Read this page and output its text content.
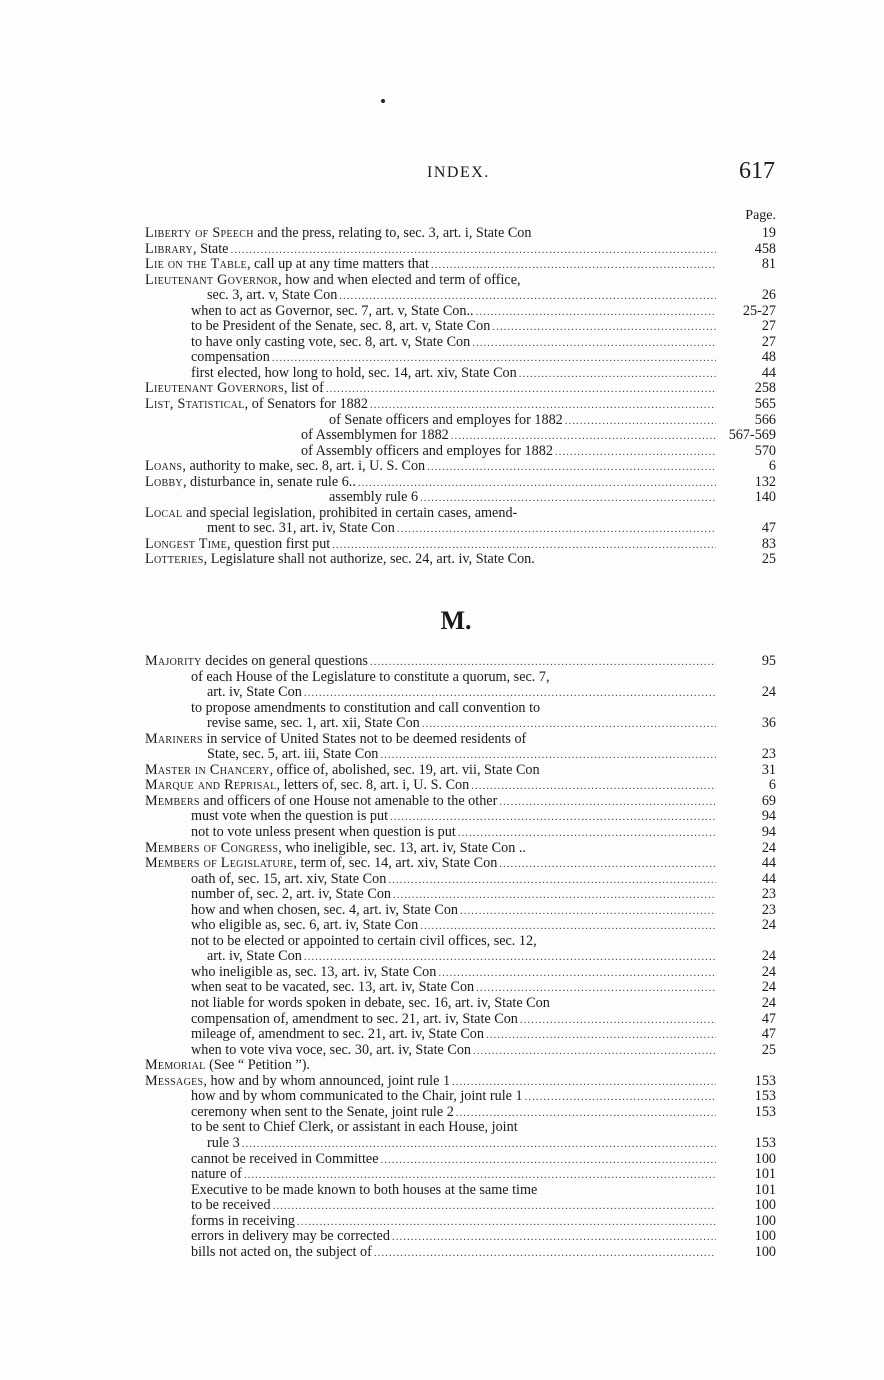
INDEX.	617
Page.
Liberty of Speech and the press, relating to, sec. 3, art. i, State Con	19
Library, State .....	458
Lie on the Table, call up at any time matters that .....	81
Lieutenant Governor, how and when elected and term of office,
sec. 3, art. v, State Con .....	26
when to act as Governor, sec. 7, art. v, State Con.. .....	25-27
to be President of the Senate, sec. 8, art. v, State Con .....	27
to have only casting vote, sec. 8, art. v, State Con .....	27
compensation .....	48
first elected, how long to hold, sec. 14, art. xiv, State Con .....	44
Lieutenant Governors, list of .....	258
List, Statistical, of Senators for 1882 .....	565
of Senate officers and employes for 1882 .....	566
of Assemblymen for 1882 .....	567-569
of Assembly officers and employes for 1882 .....	570
Loans, authority to make, sec. 8, art. i, U. S. Con .....	6
Lobby, disturbance in, senate rule 6.. .....	132
assembly rule 6 .....	140
Local and special legislation, prohibited in certain cases, amend-
ment to sec. 31, art. iv, State Con .....	47
Longest Time, question first put .....	83
Lotteries, Legislature shall not authorize, sec. 24, art. iv, State Con.	25
M.
Majority decides on general questions .....	95
of each House of the Legislature to constitute a quorum, sec. 7,
art. iv, State Con .....	24
to propose amendments to constitution and call convention to
revise same, sec. 1, art. xii, State Con .....	36
Mariners in service of United States not to be deemed residents of
State, sec. 5, art. iii, State Con .....	23
Master in Chancery, office of, abolished, sec. 19, art. vii, State Con	31
Marque and Reprisal, letters of, sec. 8, art. i, U. S. Con .....	6
Members and officers of one House not amenable to the other .....	69
must vote when the question is put .....	94
not to vote unless present when question is put .....	94
Members of Congress, who ineligible, sec. 13, art. iv, State Con ..	24
Members of Legislature, term of, sec. 14, art. xiv, State Con .....	44
oath of, sec. 15, art. xiv, State Con .....	44
number of, sec. 2, art. iv, State Con .....	23
how and when chosen, sec. 4, art. iv, State Con .....	23
who eligible as, sec. 6, art. iv, State Con .....	24
not to be elected or appointed to certain civil offices, sec. 12,
art. iv, State Con .....	24
who ineligible as, sec. 13, art. iv, State Con .....	24
when seat to be vacated, sec. 13, art. iv, State Con .....	24
not liable for words spoken in debate, sec. 16, art. iv, State Con	24
compensation of, amendment to sec. 21, art. iv, State Con .....	47
mileage of, amendment to sec. 21, art. iv, State Con .....	47
when to vote viva voce, sec. 30, art. iv, State Con .....	25
Memorial (See “ Petition ”).
Messages, how and by whom announced, joint rule 1 .....	153
how and by whom communicated to the Chair, joint rule 1 .....	153
ceremony when sent to the Senate, joint rule 2 .....	153
to be sent to Chief Clerk, or assistant in each House, joint
rule 3 .....	153
cannot be received in Committee .....	100
nature of .....	101
Executive to be made known to both houses at the same time	101
to be received .....	100
forms in receiving .....	100
errors in delivery may be corrected .....	100
bills not acted on, the subject of .....	100
